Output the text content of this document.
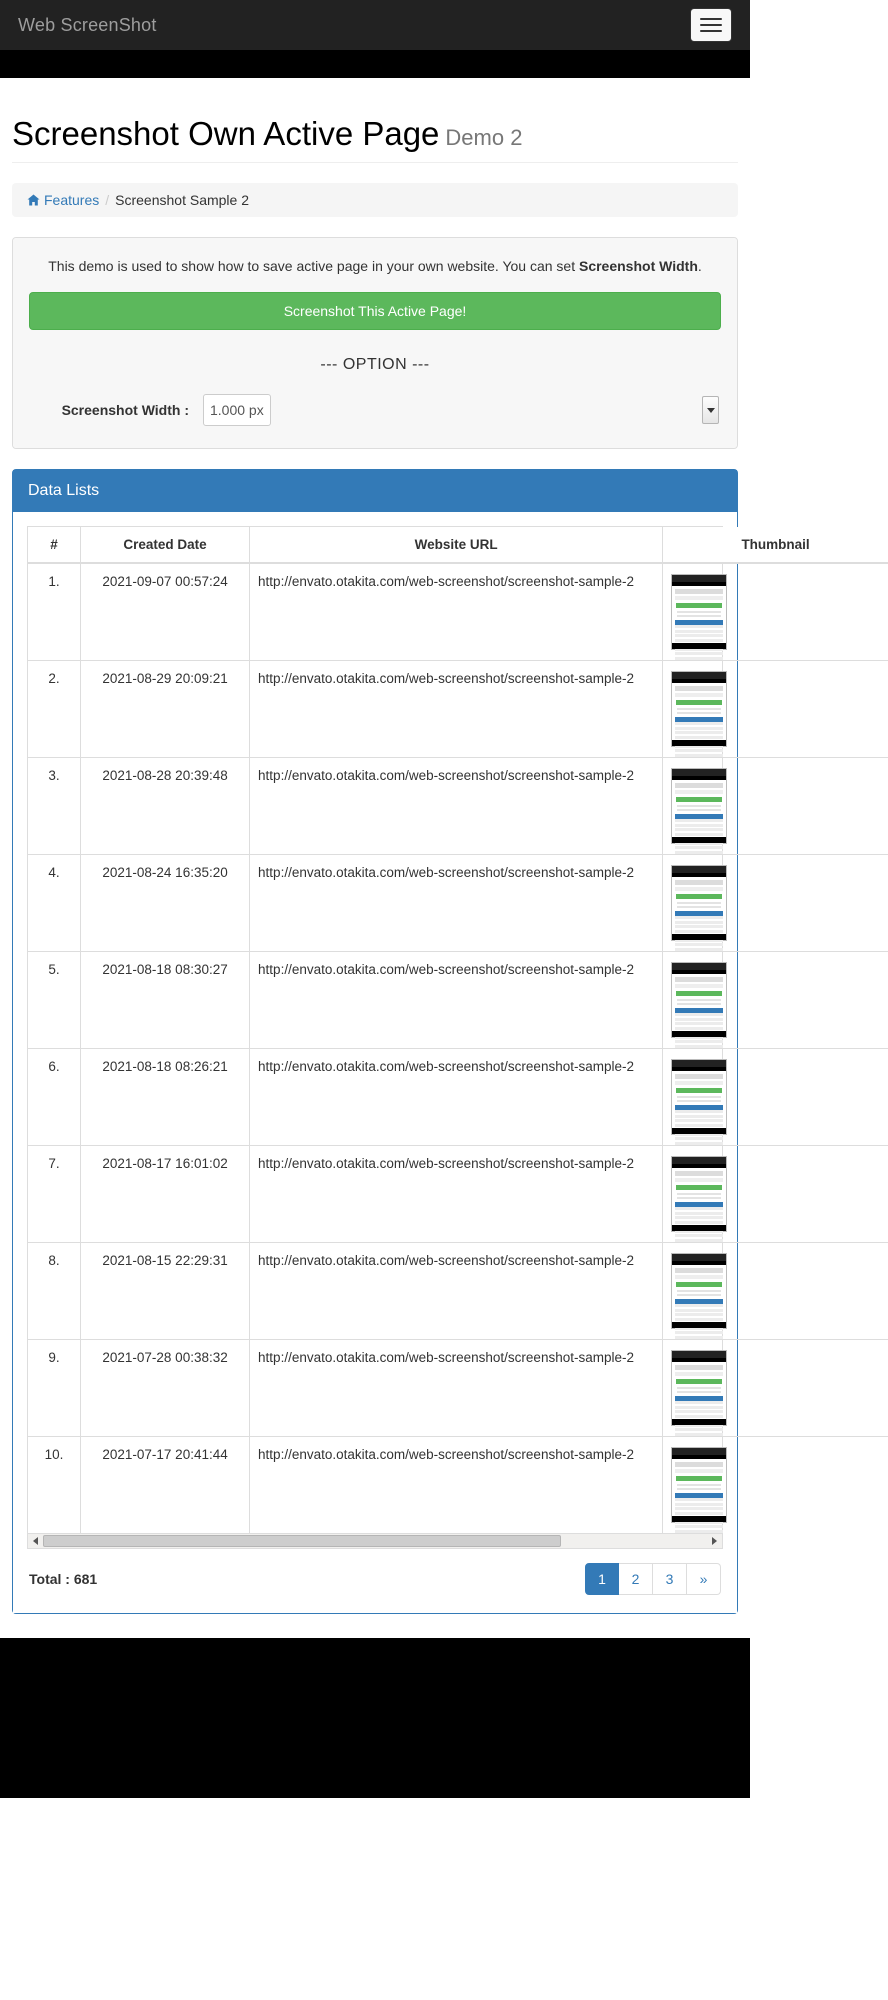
Web ScreenShot
Screenshot Own Active Page Demo 2
Features / Screenshot Sample 2
This demo is used to show how to save active page in your own website. You can set Screenshot Width.
Screenshot This Active Page!
--- OPTION ---
Screenshot Width :
1.000 px
Data Lists
#	Created Date	Website URL	Thumbnail
1.	2021-09-07 00:57:24	http://envato.otakita.com/web-screenshot/screenshot-sample-2	

2.	2021-08-29 20:09:21	http://envato.otakita.com/web-screenshot/screenshot-sample-2	

3.	2021-08-28 20:39:48	http://envato.otakita.com/web-screenshot/screenshot-sample-2	

4.	2021-08-24 16:35:20	http://envato.otakita.com/web-screenshot/screenshot-sample-2	

5.	2021-08-18 08:30:27	http://envato.otakita.com/web-screenshot/screenshot-sample-2	

6.	2021-08-18 08:26:21	http://envato.otakita.com/web-screenshot/screenshot-sample-2	

7.	2021-08-17 16:01:02	http://envato.otakita.com/web-screenshot/screenshot-sample-2	

8.	2021-08-15 22:29:31	http://envato.otakita.com/web-screenshot/screenshot-sample-2	

9.	2021-07-28 00:38:32	http://envato.otakita.com/web-screenshot/screenshot-sample-2	

10.	2021-07-17 20:41:44	http://envato.otakita.com/web-screenshot/screenshot-sample-2	
Total : 681	1	2	3	»
